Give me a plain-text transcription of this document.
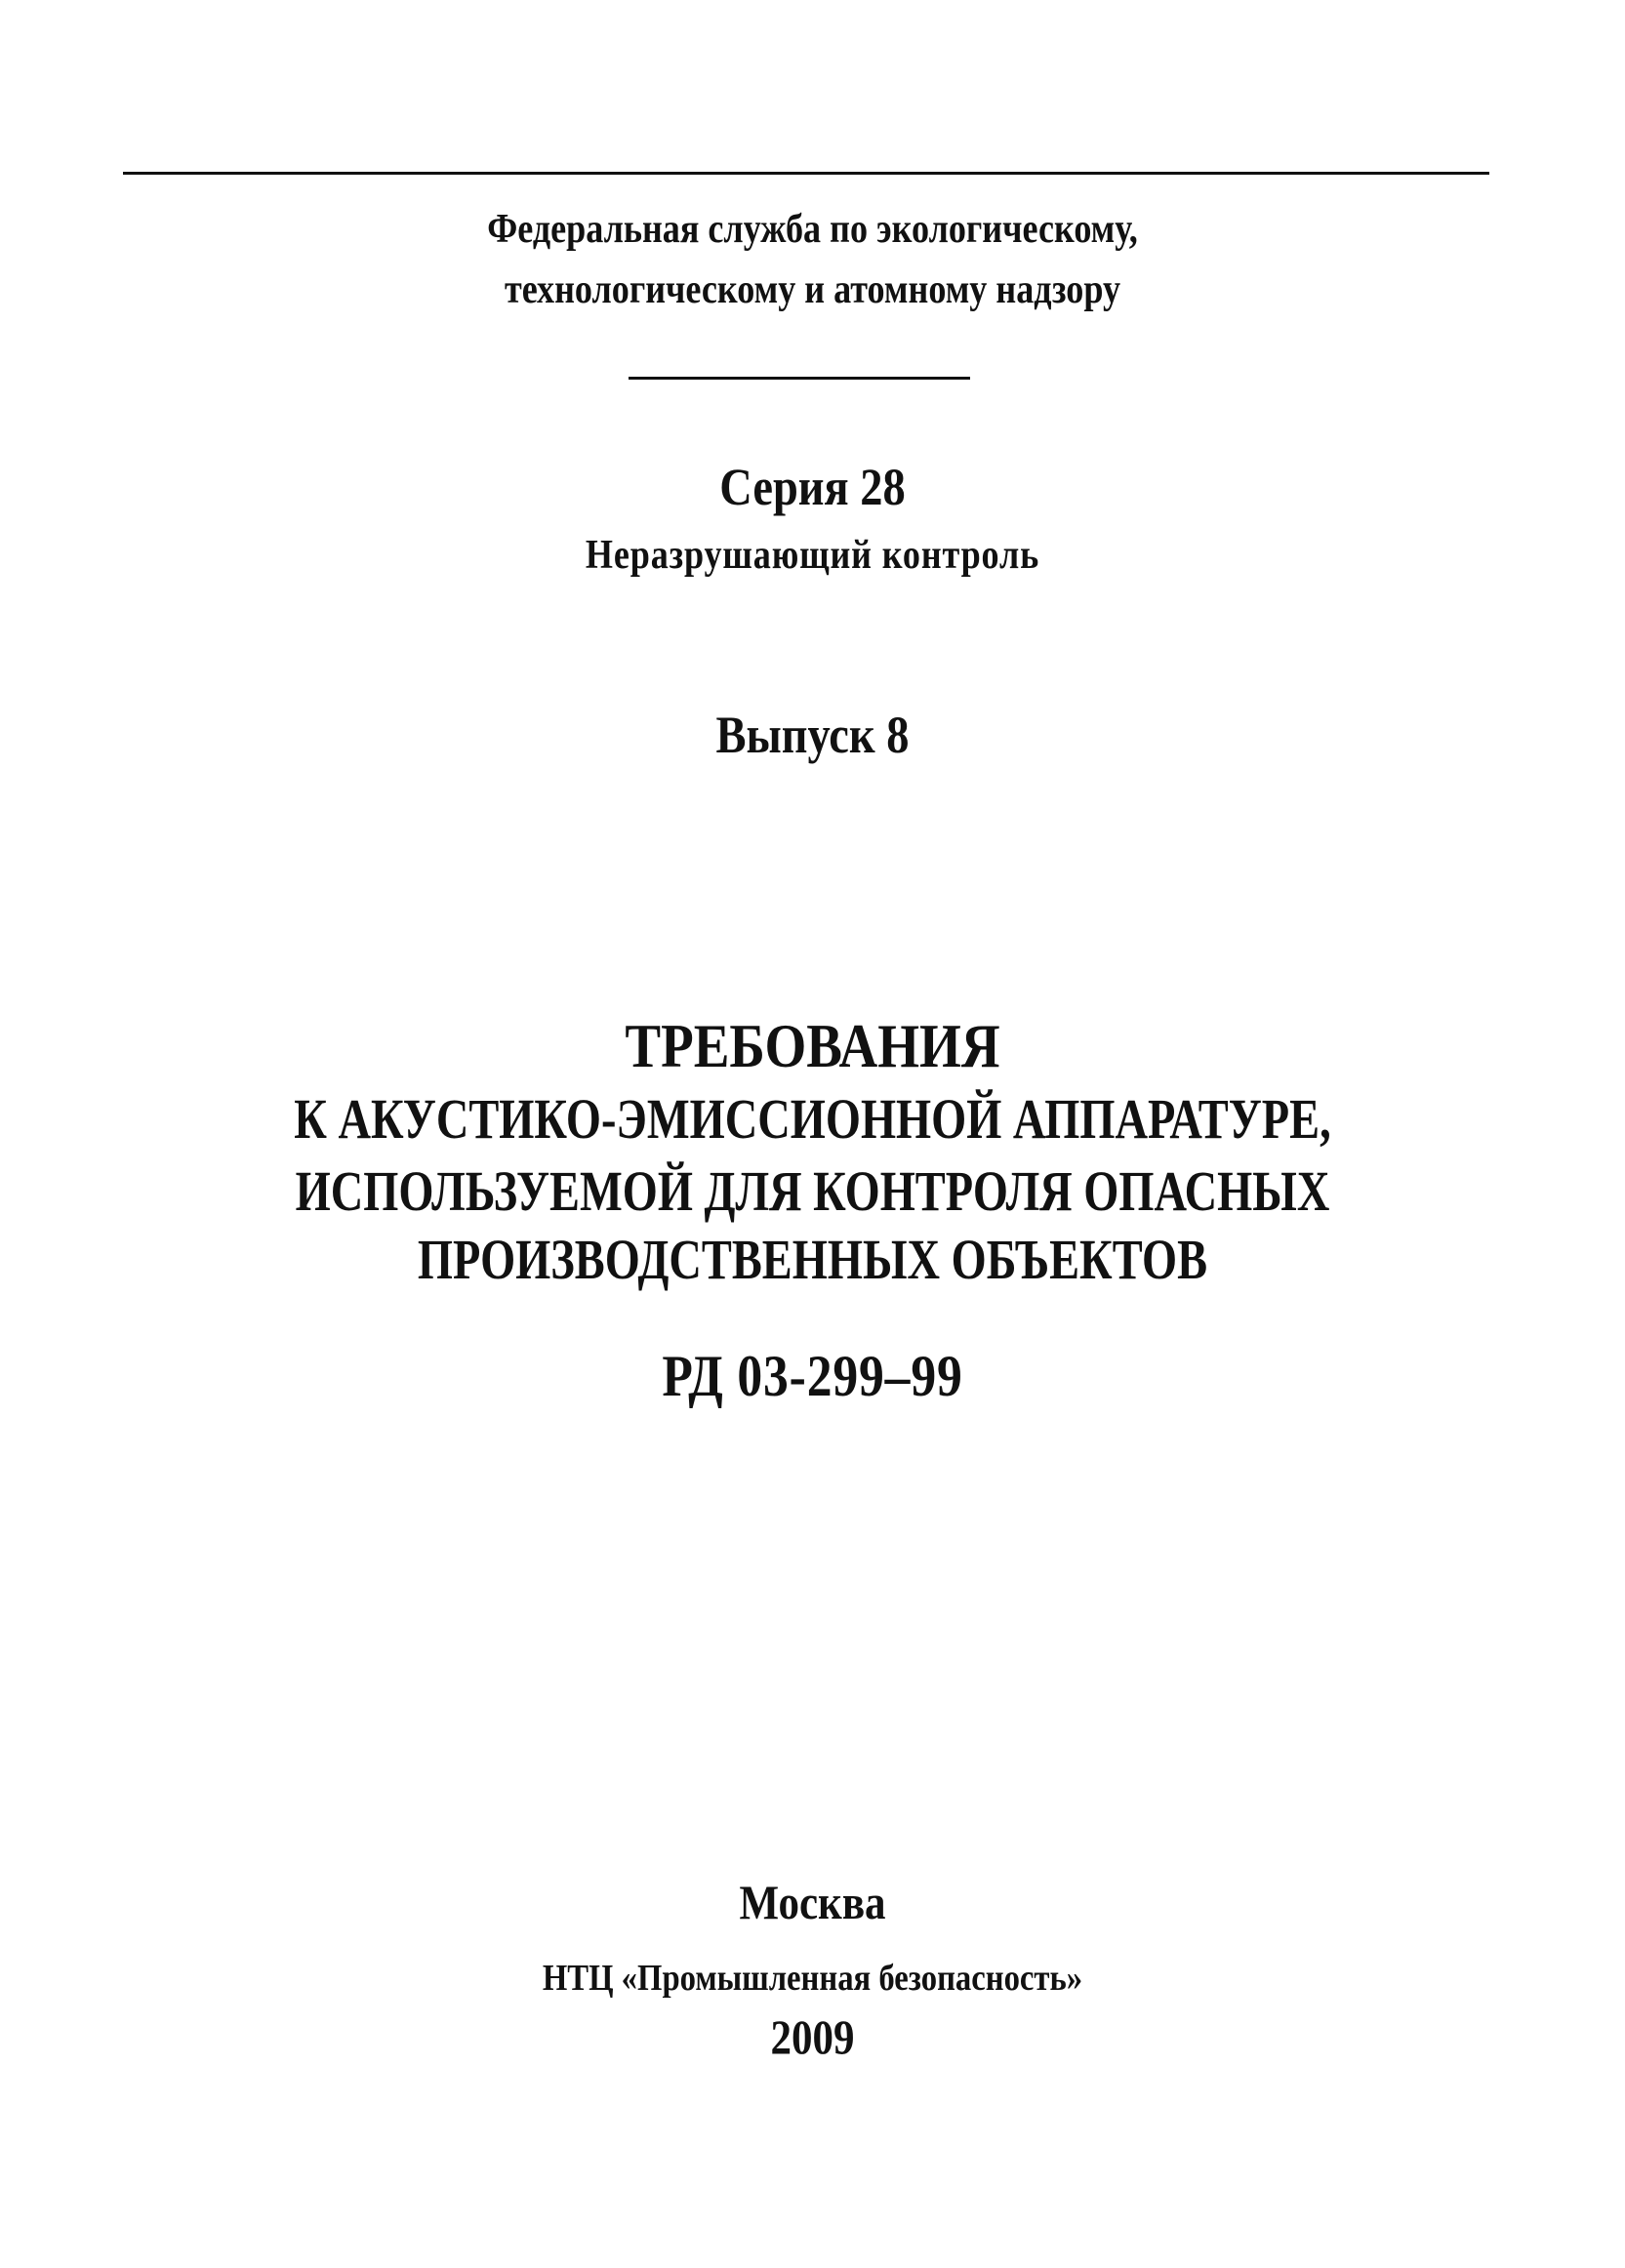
Федеральная служба по экологическому,
технологическому и атомному надзору
Серия 28
Неразрушающий контроль
Выпуск 8
ТРЕБОВАНИЯ
К АКУСТИКО-ЭМИССИОННОЙ АППАРАТУРЕ,
ИСПОЛЬЗУЕМОЙ ДЛЯ КОНТРОЛЯ ОПАСНЫХ
ПРОИЗВОДСТВЕННЫХ ОБЪЕКТОВ
РД 03-299–99
Москва
НТЦ «Промышленная безопасность»
2009
